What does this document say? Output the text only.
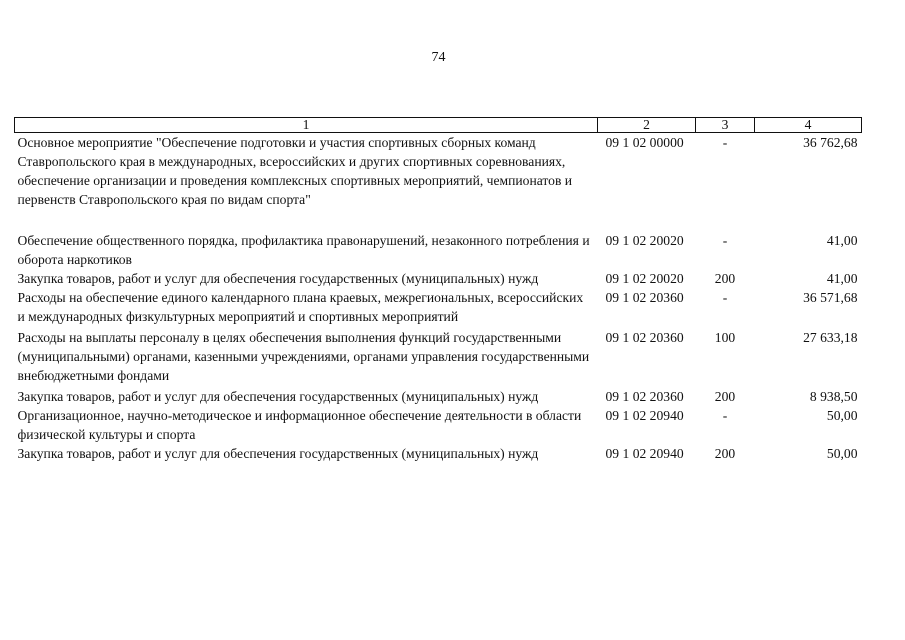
74
1	2	3	4
Основное мероприятие "Обеспечение подготовки и участия спортивных сборных команд Ставропольского края в международных, всероссийских и других спортивных соревнованиях, обеспечение организации и проведения комплексных спортивных мероприятий, чемпионатов и первенств Ставропольского края по видам спорта"	09 1 02 00000	-	36 762,68
Обеспечение общественного порядка, профилактика правонарушений, незаконного потребления и оборота наркотиков	09 1 02 20020	-	41,00
Закупка товаров, работ и услуг для обеспечения государственных (муниципальных) нужд	09 1 02 20020	200	41,00
Расходы на обеспечение единого календарного плана краевых, межрегиональных, всероссийских и международных физкультурных мероприятий и спортивных мероприятий	09 1 02 20360	-	36 571,68
Расходы на выплаты персоналу в целях обеспечения выполнения функций государственными (муниципальными) органами, казенными учреждениями, органами управления государственными внебюджетными фондами	09 1 02 20360	100	27 633,18
Закупка товаров, работ и услуг для обеспечения государственных (муниципальных) нужд	09 1 02 20360	200	8 938,50
Организационное, научно-методическое и информационное обеспечение деятельности в области физической культуры и спорта	09 1 02 20940	-	50,00
Закупка товаров, работ и услуг для обеспечения государственных (муниципальных) нужд	09 1 02 20940	200	50,00
